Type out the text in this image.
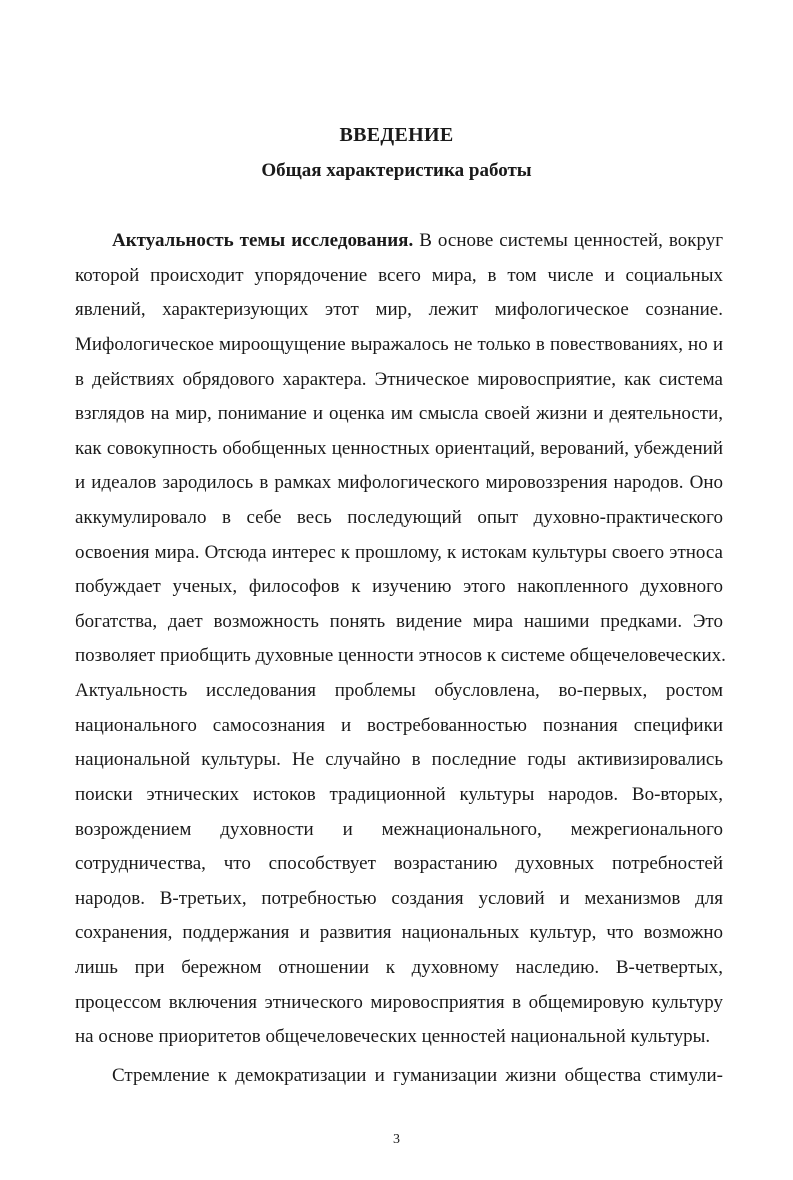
ВВЕДЕНИЕ
Общая характеристика работы
Актуальность темы исследования. В основе системы ценностей, вокруг
которой происходит упорядочение всего мира, в том числе и социальных
явлений, характеризующих этот мир, лежит мифологическое сознание.
Мифологическое мироощущение выражалось не только в повествованиях, но и
в действиях обрядового характера. Этническое мировосприятие, как система
взглядов на мир, понимание и оценка им смысла своей жизни и деятельности,
как совокупность обобщенных ценностных ориентаций, верований, убеждений
и идеалов зародилось в рамках мифологического мировоззрения народов. Оно
аккумулировало в себе весь последующий опыт духовно-практического
освоения мира. Отсюда интерес к прошлому, к истокам культуры своего этноса
побуждает ученых, философов к изучению этого накопленного духовного
богатства, дает возможность понять видение мира нашими предками. Это
позволяет приобщить духовные ценности этносов к системе общечеловеческих.
Актуальность исследования проблемы обусловлена, во-первых, ростом
национального самосознания и востребованностью познания специфики
национальной культуры. Не случайно в последние годы активизировались
поиски этнических истоков традиционной культуры народов. Во-вторых,
возрождением духовности и межнационального, межрегионального
сотрудничества, что способствует возрастанию духовных потребностей
народов. В-третьих, потребностью создания условий и механизмов для
сохранения, поддержания и развития национальных культур, что возможно
лишь при бережном отношении к духовному наследию. В-четвертых,
процессом включения этнического мировосприятия в общемировую культуру
на основе приоритетов общечеловеческих ценностей национальной культуры.
Стремление к демократизации и гуманизации жизни общества стимули-
3
